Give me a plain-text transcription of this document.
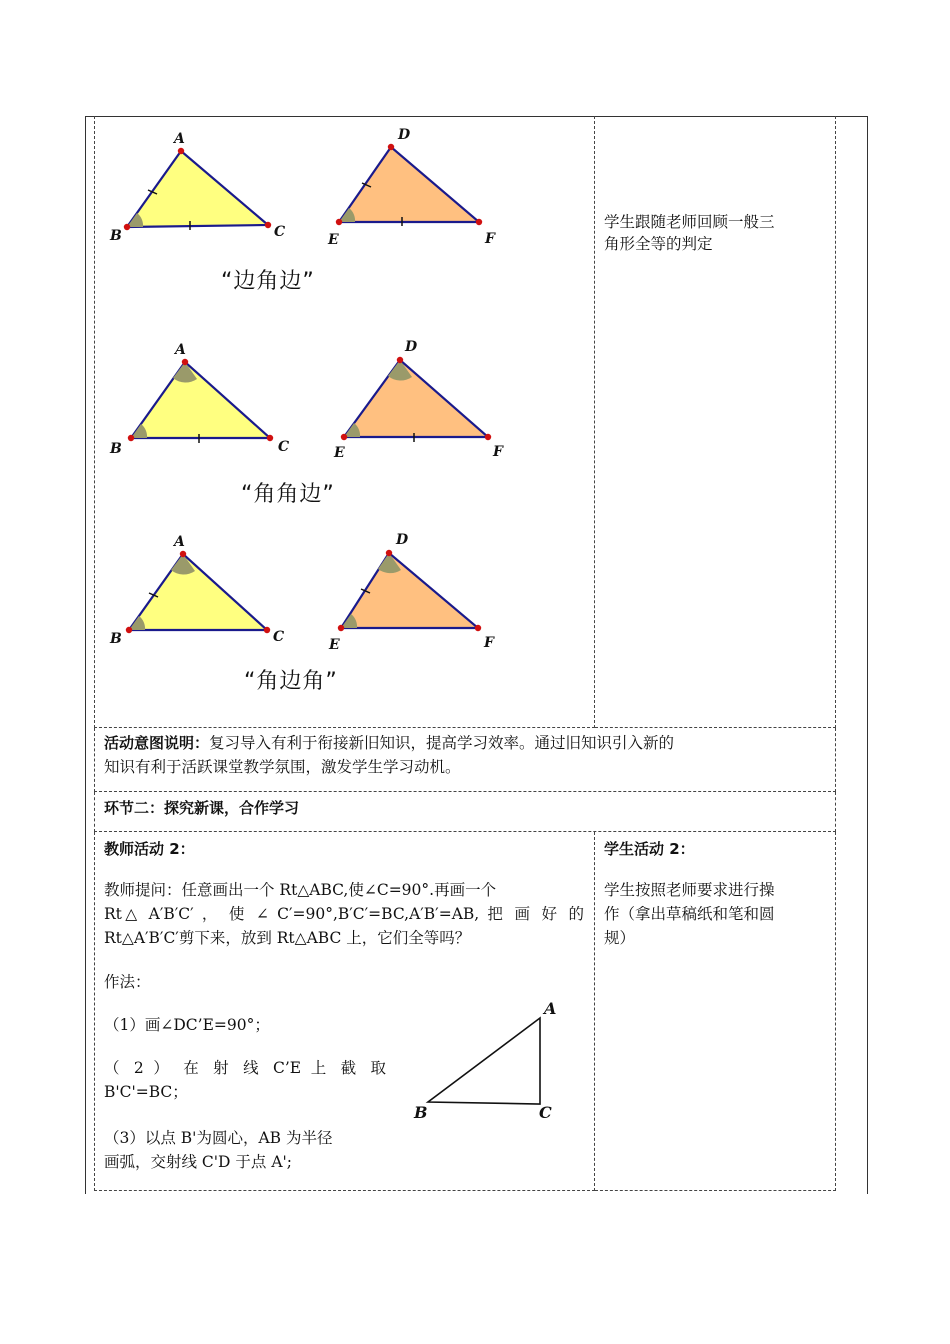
A
B	C
D
E	F
A
B	C
D
E	F
A
B	C
D
E	F
“边角边”
“角角边”
“角边角”
学生跟随老师回顾一般三
角形全等的判定
活动意图说明：复习导入有利于衔接新旧知识，提高学习效率。通过旧知识引入新的
知识有利于活跃课堂教学氛围，激发学生学习动机。
环节二：探究新课，合作学习
教师活动 2：
教师提问：任意画出一个 Rt△ABC,使∠C=90°.再画一个
Rt△ A′B′C′ ， 使 ∠ C′=90°,B′C′=BC,A′B′=AB, 把 画 好 的
Rt△A′B′C′剪下来，放到 Rt△ABC 上，它们全等吗？
作法：
（1）画∠DC’E=90°；
（ 2 ） 在 射 线 C’E 上 截 取
B'C'=BC；
（3）以点 B'为圆心，AB 为半径
画弧，交射线 C'D 于点 A';
A
B	C
学生活动 2：
学生按照老师要求进行操
作（拿出草稿纸和笔和圆
规）
